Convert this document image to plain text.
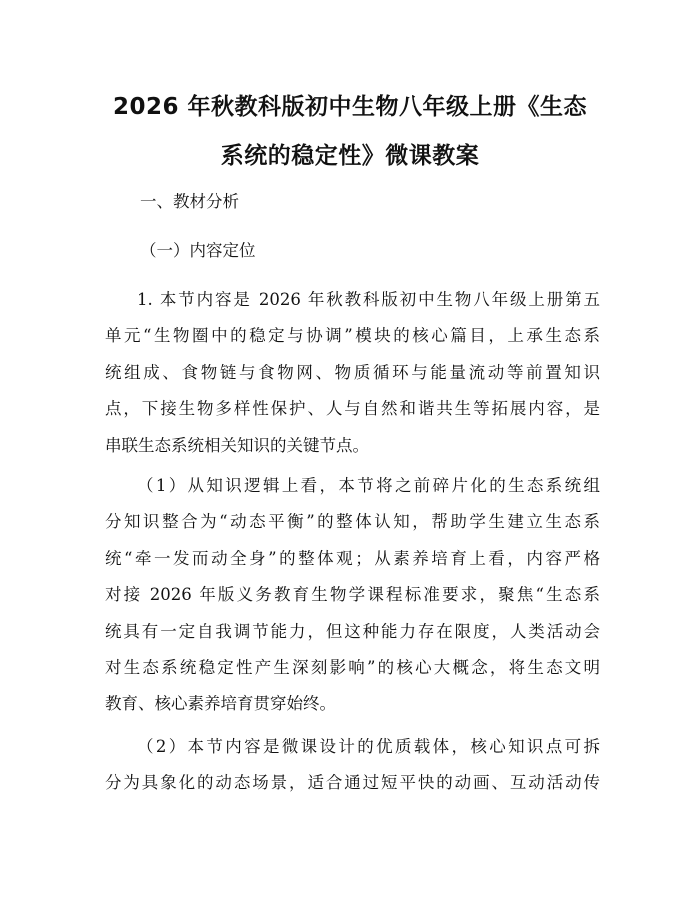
2026 年秋教科版初中生物八年级上册《生态
系统的稳定性》微课教案

一、教材分析

（一）内容定位

1. 本节内容是 2026 年秋教科版初中生物八年级上册第五
单元“生物圈中的稳定与协调”模块的核心篇目，上承生态系
统组成、食物链与食物网、物质循环与能量流动等前置知识
点，下接生物多样性保护、人与自然和谐共生等拓展内容，是
串联生态系统相关知识的关键节点。
（1）从知识逻辑上看，本节将之前碎片化的生态系统组
分知识整合为“动态平衡”的整体认知，帮助学生建立生态系
统“牵一发而动全身”的整体观；从素养培育上看，内容严格
对接 2026 年版义务教育生物学课程标准要求，聚焦“生态系
统具有一定自我调节能力，但这种能力存在限度，人类活动会
对生态系统稳定性产生深刻影响”的核心大概念，将生态文明
教育、核心素养培育贯穿始终。
（2）本节内容是微课设计的优质载体，核心知识点可拆
分为具象化的动态场景，适合通过短平快的动画、互动活动传
